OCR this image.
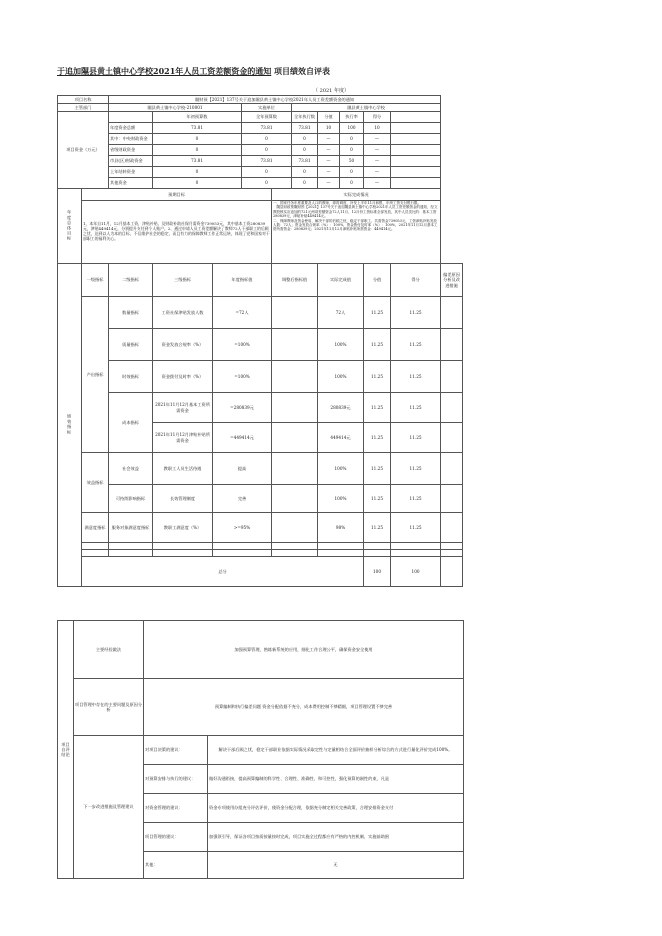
于追加隰县黄土镇中心学校2021年人员工资差额资金的通知 项目绩效自评表
（ 2021 年度）
项目名称		隰财预【2021】137号关于追加隰县黄土镇中心学校2021年人员工资差额资金的通知										
主管部门		隰县黄土镇中心学校-210001			实施单位		隰县黄土镇中心学校					
项目资金（万元）			年初预算数		全年预算数		全年执行数	分值	执行率	得分		
		年度资金总额	73.81		73.81		73.81	10	100	10		
		其中：中央财政资金	0		0		0	—	0	—		
		省级财政资金	0		0		0	—	0	—		
		市县(区)财政资金	73.81		73.81		73.81	—	50	—		
		上年结转资金	0		0		0	—	0	—		
		其他资金	0		0		0	—	0	—		
年度总体目标	预期目标					实际完成情况						
	1、本年自11月，12月基本工资，津贴补贴，及财政补助社保月需资金739053元，其中基本工资280839元，津贴449414元，分别提升支付到个人账户。2、通过申请人员工资差额解决了教师72人干部职工的后顾之忧，达到以人为本的目标，不仅维护社会的稳定，而且有力的保障教师工作正常运转，体现了党和国家对干部职工的福利关心。					一、国家任务年度重要及人口的教师，即将调度，补发上半年11月和银，年终工资支付银行限。
　隰县财政预隰财预【2021】137号关于追加隰县黄土镇中心学校2021年人员工资差额资金的通知，经文教股核实应追加的721元两项差额资金72人11月、12月份工资标准全部发放，其中人员类比的：基本工资280839元，津贴补贴449414元。
二、保障教师及资金使用，解决干部的后顾之忧，稳定干部职工、共需资金739053元，工资津贴补贴发放人数：72人；资金发放合规率（%）：100%，资金拨付及时率（%）：100%，2021年11月12月基本工资所需资金：280839元；2021年11月12月津贴补贴所需资金：449414元。						
绩效指标	一级指标	二级指标	三级指标	年度指标值		调整后指标值		实际完成值		分值	得分	偏差原因分析及改进措施
	产出指标	数量指标	工资社保津贴发放人数	=72人				72人		11.25	11.25	
		质量指标	资金发放合规率（%）	=100%				100%		11.25	11.25	
		时效指标	资金拨付及时率（%）	=100%				100%		11.25	11.25	
		成本指标	2021年11月12月基本工资所需资金	=280839元				280839元		11.25	11.25	
			2021年11月12月津贴补贴所需资金	=449414元				449414元		11.25	11.25	
	效益指标	社会效益	教职工人员生活待遇	提高				100%		11.25	11.25	
		可持续影响指标	长效管理制度	完善				100%		11.25	11.25	
	满意度指标	服务对象满意度指标	教职工满意度（%）	>=95%				98%		11.25	11.25	

	总分									100	100	
项目自评结论	主要经验做法	加强预算管理，熟练新系统的应用，细化工作合理公平，确保资金安全使用	
	项目管理中存在的主要问题及原因分析	预算编制和执行偏差问题 资金分配依据不充分，成本费用控制不够精细，项目管理设置不够完善	
	下一步改进措施及管理建议	对项目决策的建议：	解决干部后顾之忧，稳定干部职业依据实际情况采取定性与定量相结合全面评价抽样分析综合的方式进行量化评价完成100%。
		对预算安排与执行的建议：	做好沟通衔接，提高预算编制的科学性、合理性、准确性、和可控性，强化预算的刚性约束，凡是
		对资金管理的建议：	资金专项使用办组充分评估评价，使资金分配合理，依据充分制定相关完善政策，合理安排资金支付
		项目管理的建议：	加强领引导，保证各项目按质按量按时完成，项目实施全过程都应有严格的内控机制，实施前助围
		其他：	无
